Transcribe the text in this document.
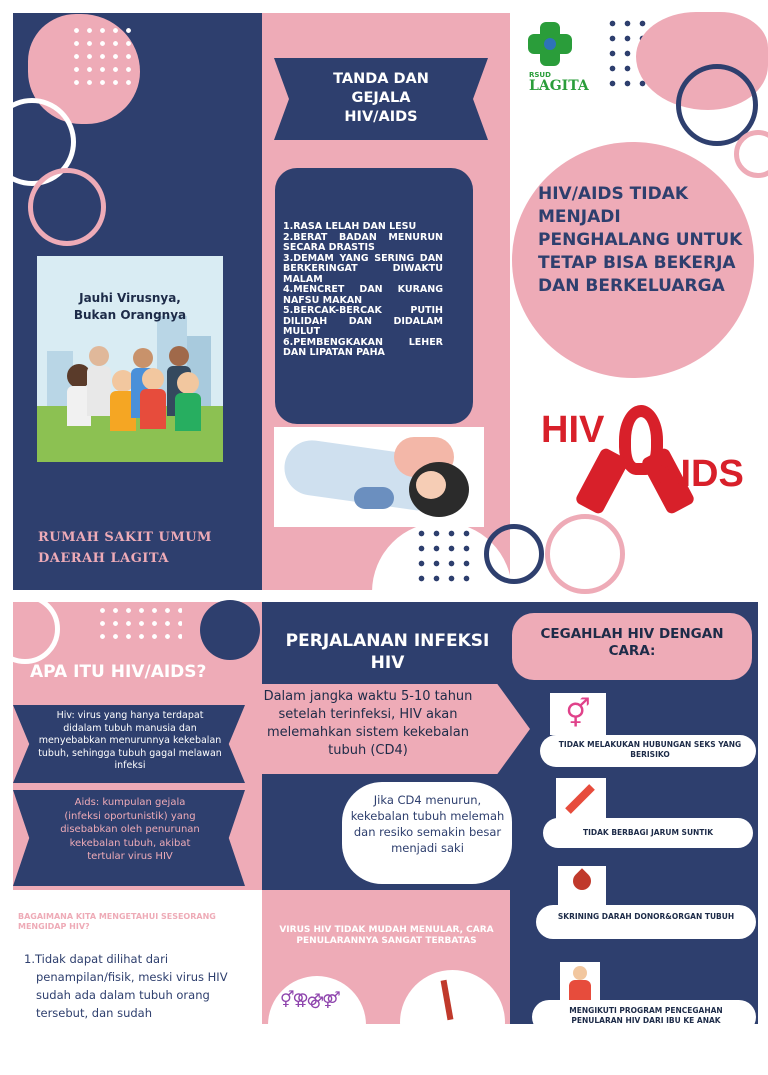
Jauhi Virusnya,
Bukan Orangnya
RUMAH SAKIT UMUM
DAERAH LAGITA
TANDA DAN
GEJALA
HIV/AIDS
1.RASA LELAH DAN LESU
2.BERAT BADAN MENURUN SECARA DRASTIS
3.DEMAM YANG SERING DAN BERKERINGAT DIWAKTU MALAM
4.MENCRET DAN KURANG NAFSU MAKAN
5.BERCAK-BERCAK PUTIH DILIDAH DAN DIDALAM MULUT
6.PEMBENGKAKAN LEHER DAN LIPATAN PAHA
RSUD
LAGITA
HIV/AIDS TIDAK MENJADI PENGHALANG UNTUK TETAP BISA BEKERJA DAN BERKELUARGA
HIV
AIDS
APA ITU HIV/AIDS?
Hiv: virus yang hanya terdapat didalam tubuh manusia dan menyebabkan menurunnya kekebalan tubuh, sehingga tubuh gagal melawan infeksi
Aids: kumpulan gejala (infeksi oportunistik) yang disebabkan oleh penurunan kekebalan tubuh, akibat tertular virus HIV
BAGAIMANA KITA MENGETAHUI SESEORANG MENGIDAP HIV?
1.Tidak dapat dilihat dari penampilan/fisik, meski virus HIV sudah ada dalam tubuh orang tersebut, dan sudah
PERJALANAN INFEKSI HIV
Dalam jangka waktu 5-10 tahun setelah terinfeksi, HIV akan melemahkan sistem kekebalan tubuh (CD4)
Jika CD4 menurun, kekebalan tubuh melemah dan resiko semakin besar menjadi saki
VIRUS HIV TIDAK MUDAH MENULAR, CARA PENULARANNYA SANGAT TERBATAS
⚥⚢⚣⚤
CEGAHLAH HIV DENGAN CARA:
⚥
TIDAK MELAKUKAN HUBUNGAN SEKS YANG BERISIKO
TIDAK BERBAGI JARUM SUNTIK
SKRINING DARAH DONOR&ORGAN TUBUH
MENGIKUTI PROGRAM PENCEGAHAN PENULARAN HIV DARI IBU KE ANAK
